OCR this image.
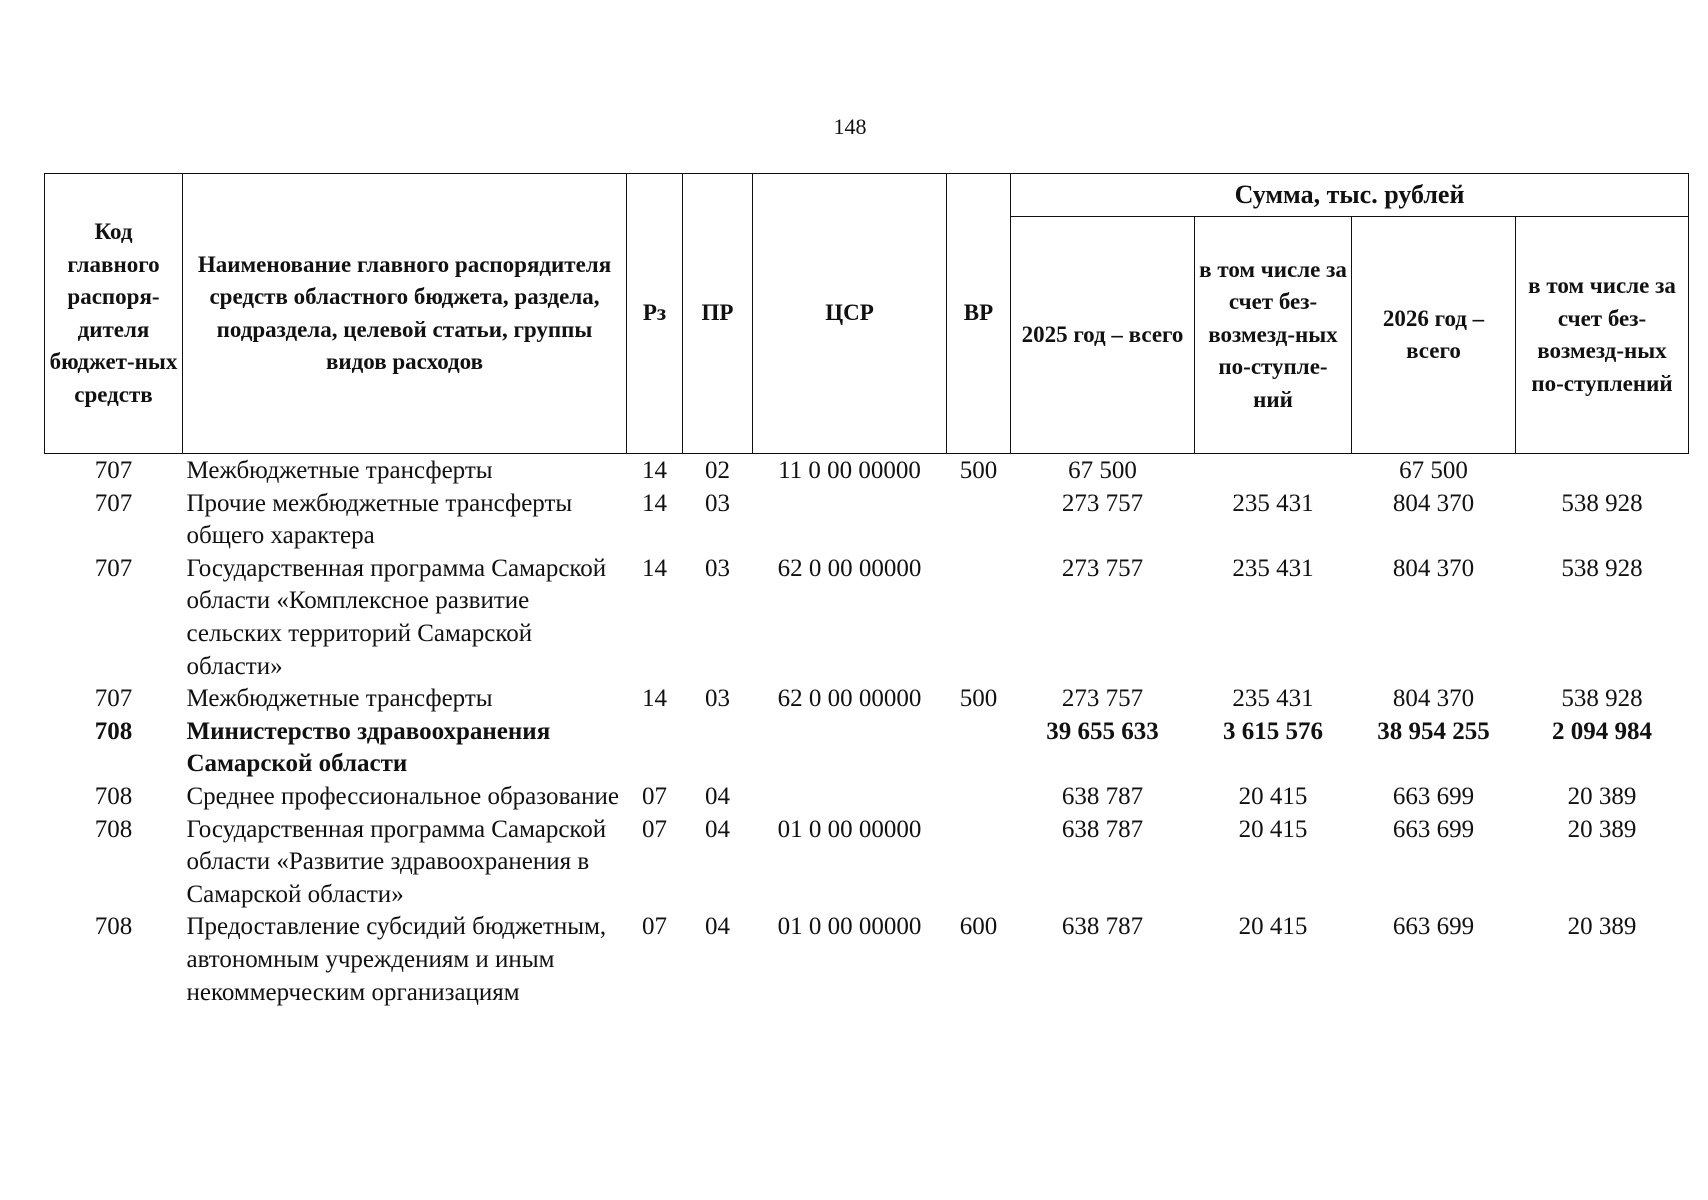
148
Код главного распоря-дителя бюджет-ных средств	Наименование главного распорядителя средств областного бюджета, раздела, подраздела, целевой статьи, группы видов расходов	Рз	ПР	ЦСР	ВР	Сумма, тыс. рублей			
						2025 год – всего	в том числе за счет без-возмезд-ных по-ступле-ний	2026 год – всего	в том числе за счет без-возмезд-ных по-ступлений
707	Межбюджетные трансферты	14	02	11 0 00 00000	500	67 500		67 500	
707	Прочие межбюджетные трансферты общего характера	14	03			273 757	235 431	804 370	538 928
707	Государственная программа Самарской области «Комплексное развитие сельских территорий Самарской области»	14	03	62 0 00 00000		273 757	235 431	804 370	538 928
707	Межбюджетные трансферты	14	03	62 0 00 00000	500	273 757	235 431	804 370	538 928
708	Министерство здравоохранения Самарской области					39 655 633	3 615 576	38 954 255	2 094 984
708	Среднее профессиональное образование	07	04			638 787	20 415	663 699	20 389
708	Государственная программа Самарской области «Развитие здравоохранения в Самарской области»	07	04	01 0 00 00000		638 787	20 415	663 699	20 389
708	Предоставление субсидий бюджетным, автономным учреждениям и иным некоммерческим организациям	07	04	01 0 00 00000	600	638 787	20 415	663 699	20 389
